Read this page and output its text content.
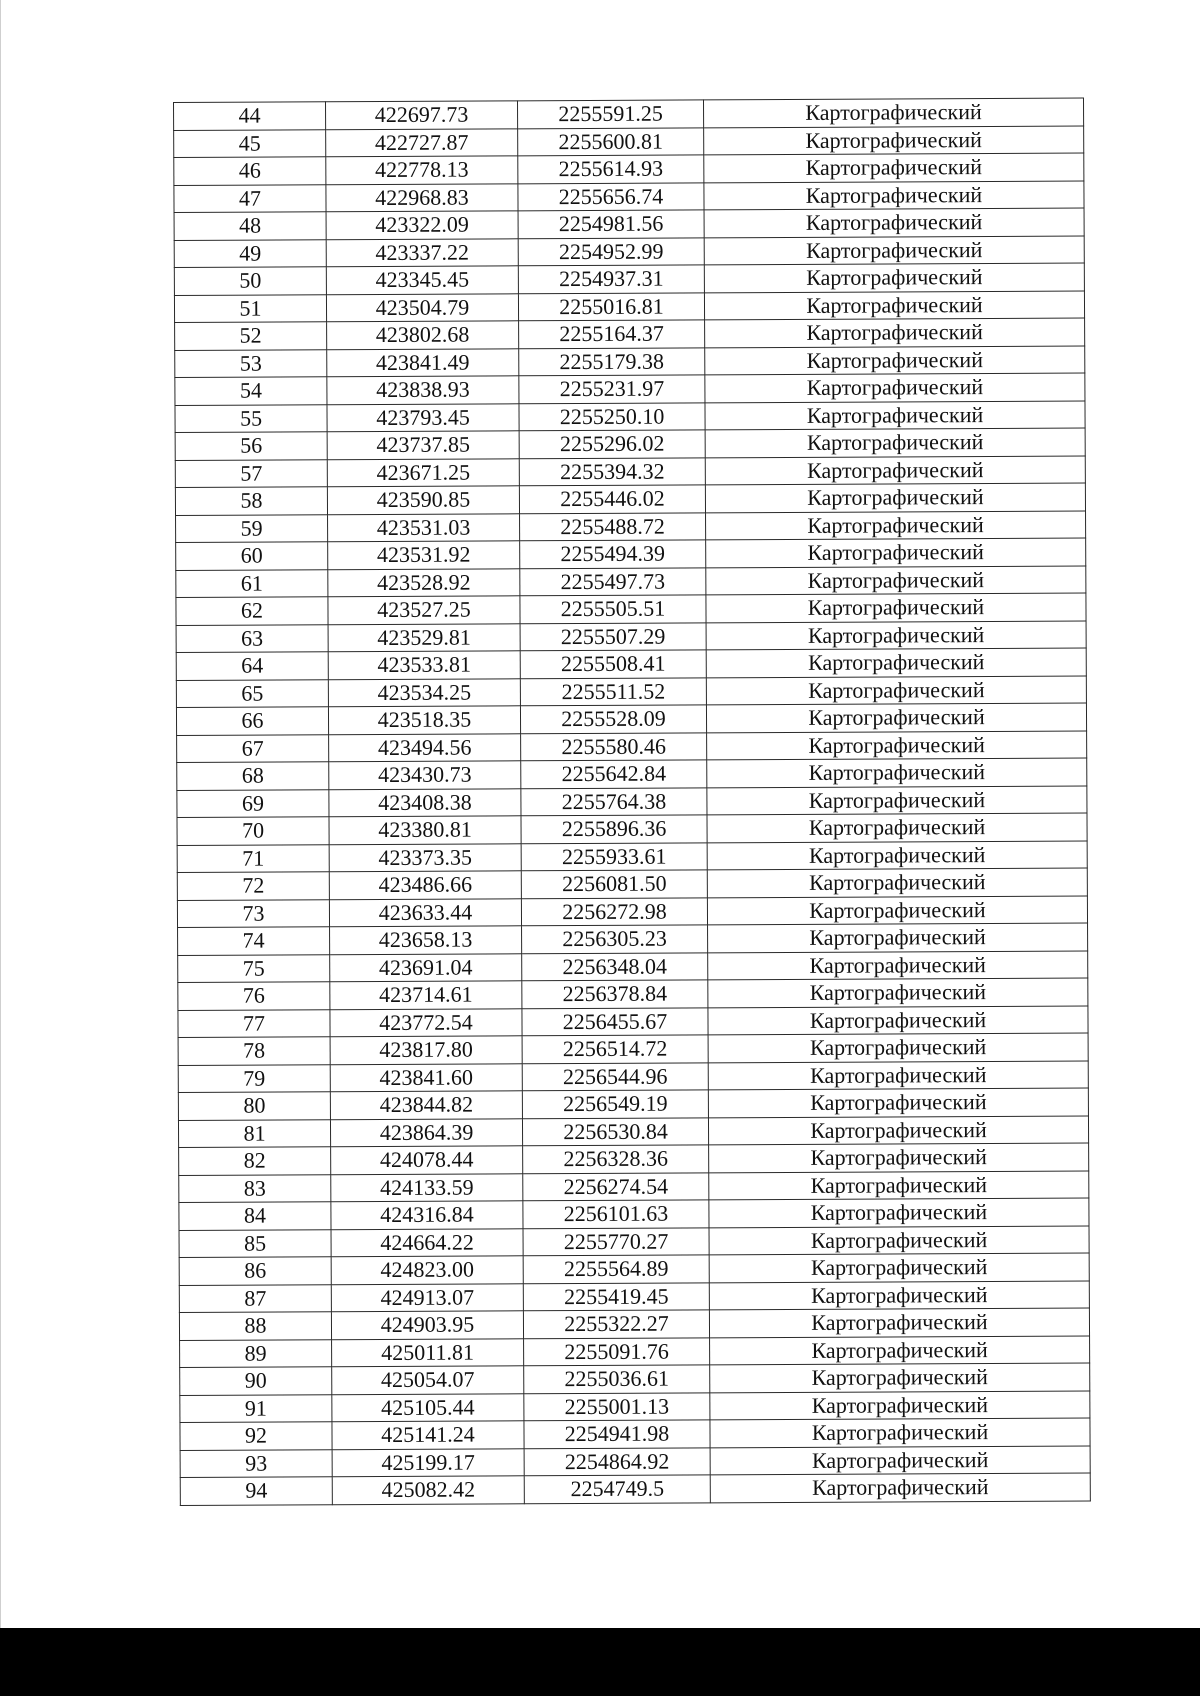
44	422697.73	2255591.25	Картографический
45	422727.87	2255600.81	Картографический
46	422778.13	2255614.93	Картографический
47	422968.83	2255656.74	Картографический
48	423322.09	2254981.56	Картографический
49	423337.22	2254952.99	Картографический
50	423345.45	2254937.31	Картографический
51	423504.79	2255016.81	Картографический
52	423802.68	2255164.37	Картографический
53	423841.49	2255179.38	Картографический
54	423838.93	2255231.97	Картографический
55	423793.45	2255250.10	Картографический
56	423737.85	2255296.02	Картографический
57	423671.25	2255394.32	Картографический
58	423590.85	2255446.02	Картографический
59	423531.03	2255488.72	Картографический
60	423531.92	2255494.39	Картографический
61	423528.92	2255497.73	Картографический
62	423527.25	2255505.51	Картографический
63	423529.81	2255507.29	Картографический
64	423533.81	2255508.41	Картографический
65	423534.25	2255511.52	Картографический
66	423518.35	2255528.09	Картографический
67	423494.56	2255580.46	Картографический
68	423430.73	2255642.84	Картографический
69	423408.38	2255764.38	Картографический
70	423380.81	2255896.36	Картографический
71	423373.35	2255933.61	Картографический
72	423486.66	2256081.50	Картографический
73	423633.44	2256272.98	Картографический
74	423658.13	2256305.23	Картографический
75	423691.04	2256348.04	Картографический
76	423714.61	2256378.84	Картографический
77	423772.54	2256455.67	Картографический
78	423817.80	2256514.72	Картографический
79	423841.60	2256544.96	Картографический
80	423844.82	2256549.19	Картографический
81	423864.39	2256530.84	Картографический
82	424078.44	2256328.36	Картографический
83	424133.59	2256274.54	Картографический
84	424316.84	2256101.63	Картографический
85	424664.22	2255770.27	Картографический
86	424823.00	2255564.89	Картографический
87	424913.07	2255419.45	Картографический
88	424903.95	2255322.27	Картографический
89	425011.81	2255091.76	Картографический
90	425054.07	2255036.61	Картографический
91	425105.44	2255001.13	Картографический
92	425141.24	2254941.98	Картографический
93	425199.17	2254864.92	Картографический
94	425082.42	2254749.5	Картографический
